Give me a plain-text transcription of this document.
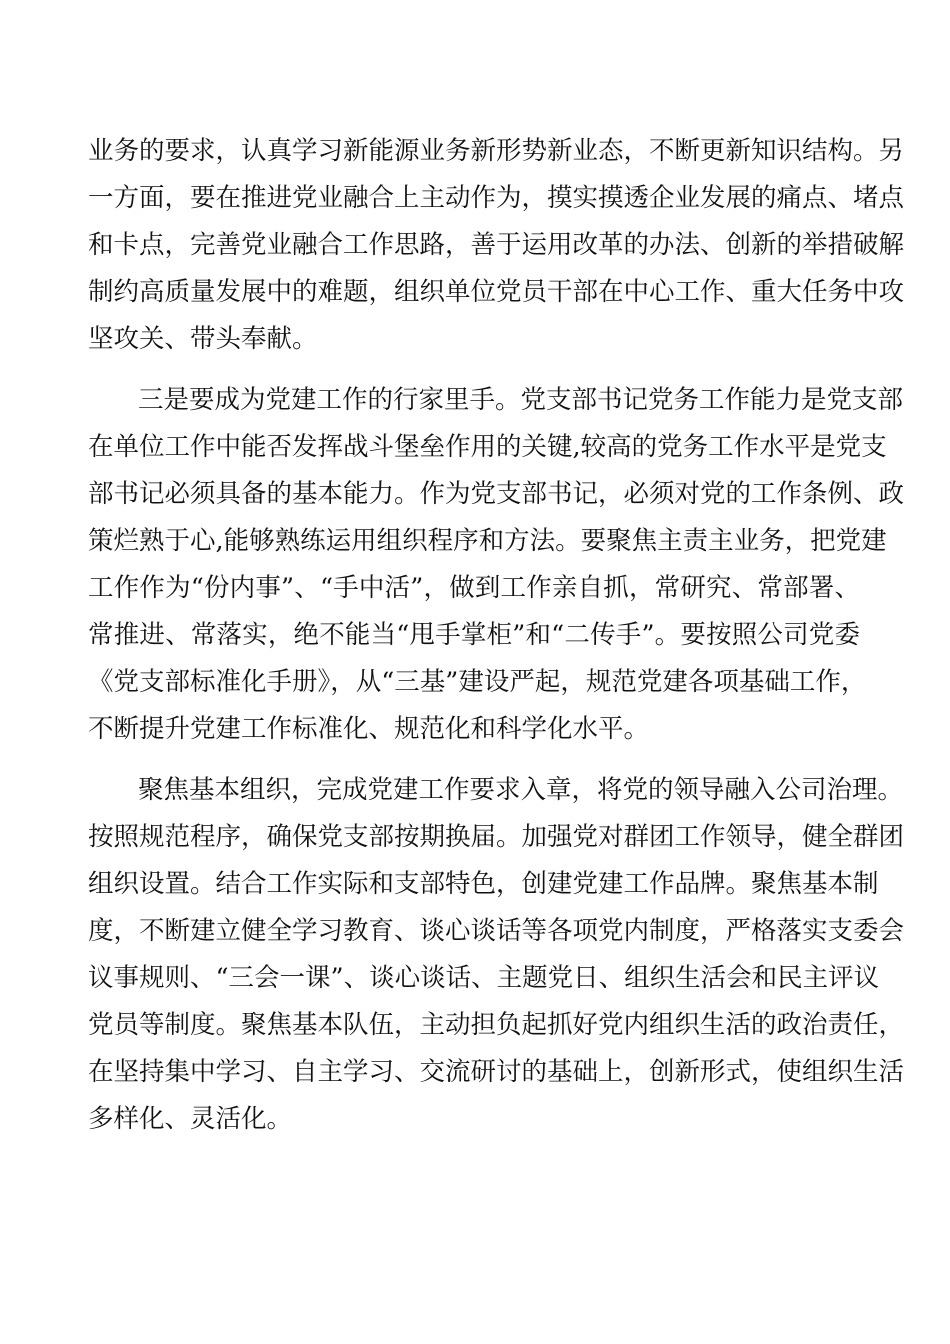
业务的要求，认真学习新能源业务新形势新业态，不断更新知识结构。另
一方面，要在推进党业融合上主动作为，摸实摸透企业发展的痛点、堵点
和卡点，完善党业融合工作思路，善于运用改革的办法、创新的举措破解
制约高质量发展中的难题，组织单位党员干部在中心工作、重大任务中攻
坚攻关、带头奉献。
三是要成为党建工作的行家里手。党支部书记党务工作能力是党支部
在单位工作中能否发挥战斗堡垒作用的关键,较高的党务工作水平是党支
部书记必须具备的基本能力。作为党支部书记，必须对党的工作条例、政
策烂熟于心,能够熟练运用组织程序和方法。要聚焦主责主业务，把党建
工作作为“份内事”、“手中活”，做到工作亲自抓，常研究、常部署、
常推进、常落实，绝不能当“甩手掌柜”和“二传手”。要按照公司党委
《党支部标准化手册》，从“三基”建设严起，规范党建各项基础工作，
不断提升党建工作标准化、规范化和科学化水平。
聚焦基本组织，完成党建工作要求入章，将党的领导融入公司治理。
按照规范程序，确保党支部按期换届。加强党对群团工作领导，健全群团
组织设置。结合工作实际和支部特色，创建党建工作品牌。聚焦基本制
度，不断建立健全学习教育、谈心谈话等各项党内制度，严格落实支委会
议事规则、“三会一课”、谈心谈话、主题党日、组织生活会和民主评议
党员等制度。聚焦基本队伍，主动担负起抓好党内组织生活的政治责任，
在坚持集中学习、自主学习、交流研讨的基础上，创新形式，使组织生活
多样化、灵活化。
